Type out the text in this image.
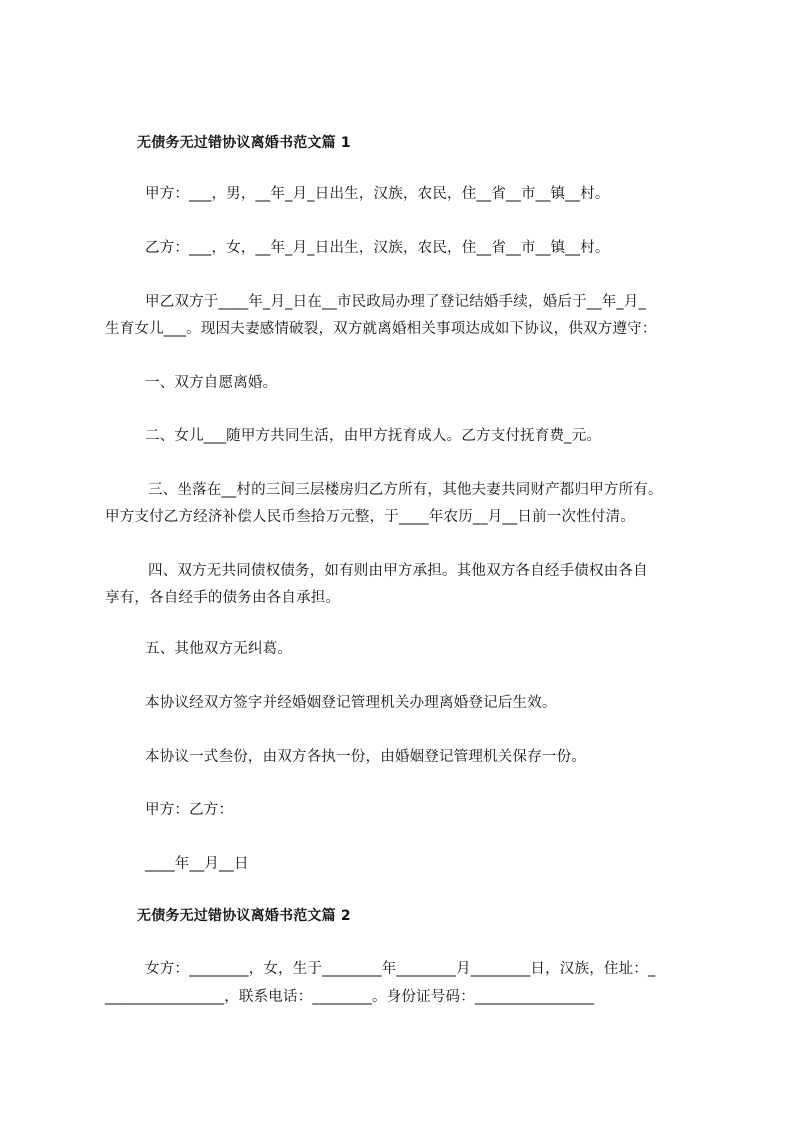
无债务无过错协议离婚书范文篇 1
甲方：___，男，__年_月_日出生，汉族，农民，住__省__市__镇__村。
乙方：___，女，__年_月_日出生，汉族，农民，住__省__市__镇__村。
甲乙双方于____年_月_日在__市民政局办理了登记结婚手续，婚后于__年_月_
生育女儿___。现因夫妻感情破裂，双方就离婚相关事项达成如下协议，供双方遵守：
一、双方自愿离婚。
二、女儿___随甲方共同生活，由甲方抚育成人。乙方支付抚育费_元。
三、坐落在__村的三间三层楼房归乙方所有，其他夫妻共同财产都归甲方所有。
甲方支付乙方经济补偿人民币叁拾万元整，于____年农历__月__日前一次性付清。
四、双方无共同债权债务，如有则由甲方承担。其他双方各自经手债权由各自
享有，各自经手的债务由各自承担。
五、其他双方无纠葛。
本协议经双方签字并经婚姻登记管理机关办理离婚登记后生效。
本协议一式叁份，由双方各执一份，由婚姻登记管理机关保存一份。
甲方：乙方：
____年__月__日
无债务无过错协议离婚书范文篇 2
女方：________，女，生于________年________月________日，汉族，住址：_
________________，联系电话：________。身份证号码：________________
